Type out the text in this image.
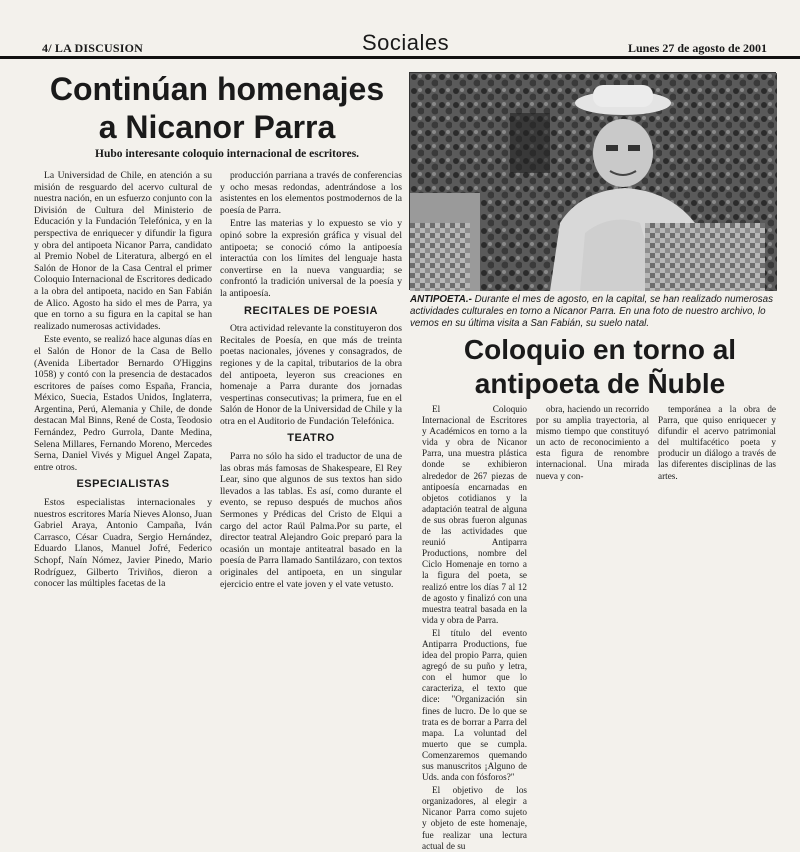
4/ LA DISCUSION	Sociales	Lunes 27 de agosto de 2001
Continúan homenajes
a Nicanor Parra
Hubo interesante coloquio internacional de escritores.

La Universidad de Chile, en atención a su misión de resguardo del acervo cultural de nuestra nación, en un esfuerzo conjunto con la División de Cultura del Ministerio de Educación y la Fundación Telefónica, y en la perspectiva de enriquecer y difundir la figura y obra del antipoeta Nicanor Parra, candidato al Premio Nobel de Literatura, albergó en el Salón de Honor de la Casa Central el primer Coloquio Internacional de Escritores dedicado a la obra del antipoeta, nacido en San Fabián de Alico. Agosto ha sido el mes de Parra, ya que en torno a su figura en la capital se han realizado numerosas actividades.

Este evento, se realizó hace algunas días en el Salón de Honor de la Casa de Bello (Avenida Libertador Bernardo O'Higgins 1058) y contó con la presencia de destacados escritores de países como España, Francia, México, Suecia, Estados Unidos, Inglaterra, Argentina, Perú, Alemania y Chile, de donde destacan Mal Binns, René de Costa, Teodosio Fernández, Pedro Gurrola, Dante Medina, Selena Millares, Fernando Moreno, Mercedes Serna, Daniel Vivés y Miguel Angel Zapata, entre otros.

ESPECIALISTAS

Estos especialistas internacionales y nuestros escritores María Nieves Alonso, Juan Gabriel Araya, Antonio Campaña, Iván Carrasco, César Cuadra, Sergio Hernández, Eduardo Llanos, Manuel Jofré, Federico Schopf, Naín Nómez, Javier Pinedo, Mario Rodríguez, Gilberto Triviños, dieron a conocer las múltiples facetas de la

producción parriana a través de conferencias y ocho mesas redondas, adentrándose a los asistentes en los elementos postmodernos de la poesía de Parra.

Entre las materias y lo expuesto se vio y opinó sobre la expresión gráfica y visual del antipoeta; se conoció cómo la antipoesía interactúa con los límites del lenguaje hasta convertirse en la nueva vanguardia; se confrontó la tradición universal de la poesía y la antipoesía.

RECITALES DE POESIA

Otra actividad relevante la constituyeron dos Recitales de Poesía, en que más de treinta poetas nacionales, jóvenes y consagrados, de regiones y de la capital, tributarios de la obra del antipoeta, leyeron sus creaciones en homenaje a Parra durante dos jornadas vespertinas consecutivas; la primera, fue en el Salón de Honor de la Universidad de Chile y la otra en el Auditorio de Fundación Telefónica.

TEATRO

Parra no sólo ha sido el traductor de una de las obras más famosas de Shakespeare, El Rey Lear, sino que algunos de sus textos han sido llevados a las tablas. Es así, como durante el evento, se repuso después de muchos años Sermones y Prédicas del Cristo de Elqui a cargo del actor Raúl Palma.Por su parte, el director teatral Alejandro Goic preparó para la ocasión un montaje antiteatral basado en la poesía de Parra llamado Santilázaro, con textos originales del antipoeta, en un singular ejercicio entre el vate joven y el vate vetusto.

ANTIPOETA.- Durante el mes de agosto, en la capital, se han realizado numerosas actividades culturales en torno a Nicanor Parra. En una foto de nuestro archivo, lo vemos en su última visita a San Fabián, su suelo natal.
Coloquio en torno al
antipoeta de Ñuble

El Coloquio Internacional de Escritores y Académicos en torno a la vida y obra de Nicanor Parra, una muestra plástica donde se exhibieron alrededor de 267 piezas de antipoesía encarnadas en objetos cotidianos y la adaptación teatral de alguna de sus obras fueron algunas de las actividades que reunió Antiparra Productions, nombre del Ciclo Homenaje en torno a la figura del poeta, se realizó entre los días 7 al 12 de agosto y finalizó con una muestra teatral basada en la vida y obra de Parra.

El título del evento Antiparra Productions, fue idea del propio Parra, quien agregó de su puño y letra, con el humor que lo caracteriza, el texto que dice: "Organización sin fines de lucro. De lo que se trata es de borrar a Parra del mapa. La voluntad del muerto que se cumpla. Comenzaremos quemando sus manuscritos ¡Alguno de Uds. anda con fósforos?"

El objetivo de los organizadores, al elegir a Nicanor Parra como sujeto y objeto de este homenaje, fue realizar una lectura actual de su

obra, haciendo un recorrido por su amplia trayectoria, al mismo tiempo que constituyó un acto de reconocimiento a esta figura de renombre internacional. Una mirada nueva y con-

temporánea a la obra de Parra, que quiso enriquecer y difundir el acervo patrimonial del multifacético poeta y producir un diálogo a través de las diferentes disciplinas de las artes.
